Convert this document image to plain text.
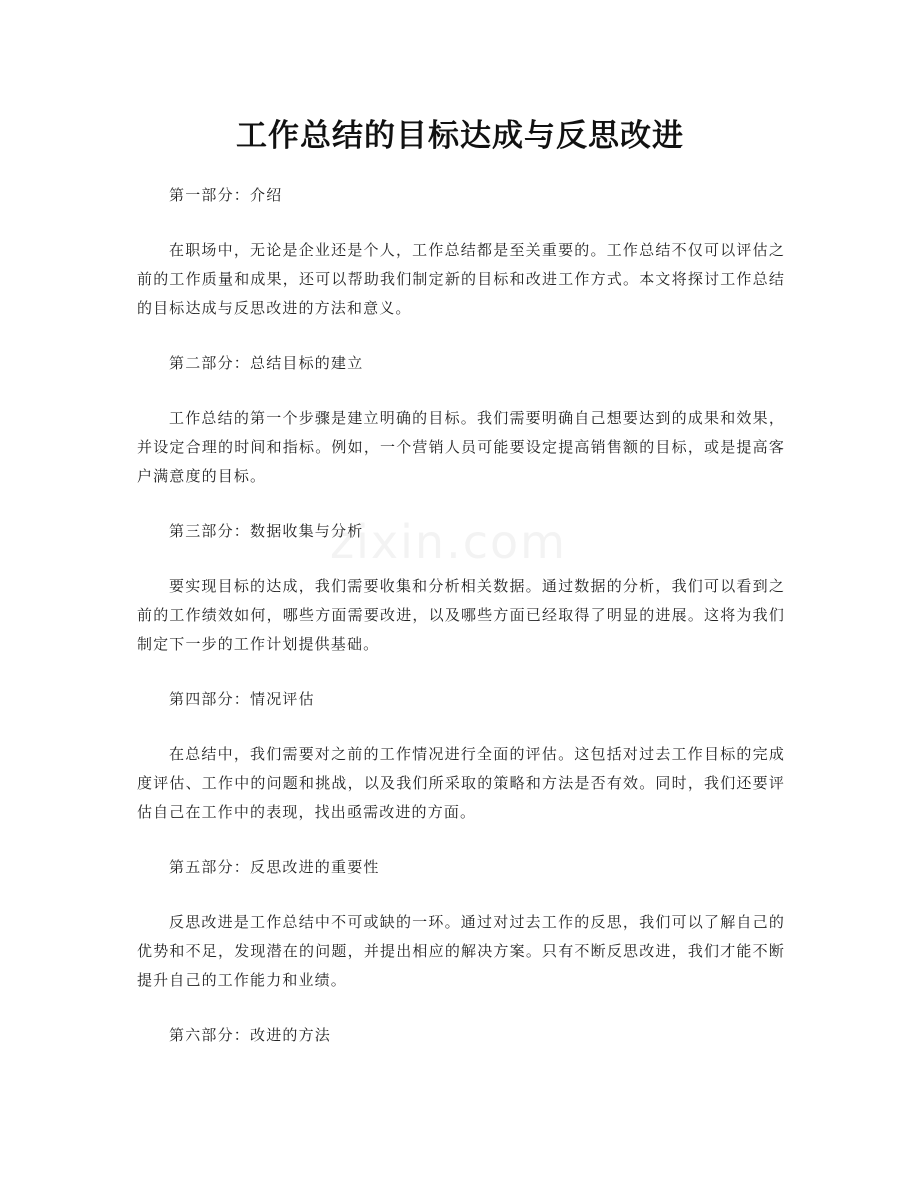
工作总结的目标达成与反思改进
zixin.com

第一部分：介绍

在职场中，无论是企业还是个人，工作总结都是至关重要的。工作总结不仅可以评估之前的工作质量和成果，还可以帮助我们制定新的目标和改进工作方式。本文将探讨工作总结的目标达成与反思改进的方法和意义。

第二部分：总结目标的建立

工作总结的第一个步骤是建立明确的目标。我们需要明确自己想要达到的成果和效果，并设定合理的时间和指标。例如，一个营销人员可能要设定提高销售额的目标，或是提高客户满意度的目标。

第三部分：数据收集与分析

要实现目标的达成，我们需要收集和分析相关数据。通过数据的分析，我们可以看到之前的工作绩效如何，哪些方面需要改进，以及哪些方面已经取得了明显的进展。这将为我们制定下一步的工作计划提供基础。

第四部分：情况评估

在总结中，我们需要对之前的工作情况进行全面的评估。这包括对过去工作目标的完成度评估、工作中的问题和挑战，以及我们所采取的策略和方法是否有效。同时，我们还要评估自己在工作中的表现，找出亟需改进的方面。

第五部分：反思改进的重要性

反思改进是工作总结中不可或缺的一环。通过对过去工作的反思，我们可以了解自己的优势和不足，发现潜在的问题，并提出相应的解决方案。只有不断反思改进，我们才能不断提升自己的工作能力和业绩。

第六部分：改进的方法
